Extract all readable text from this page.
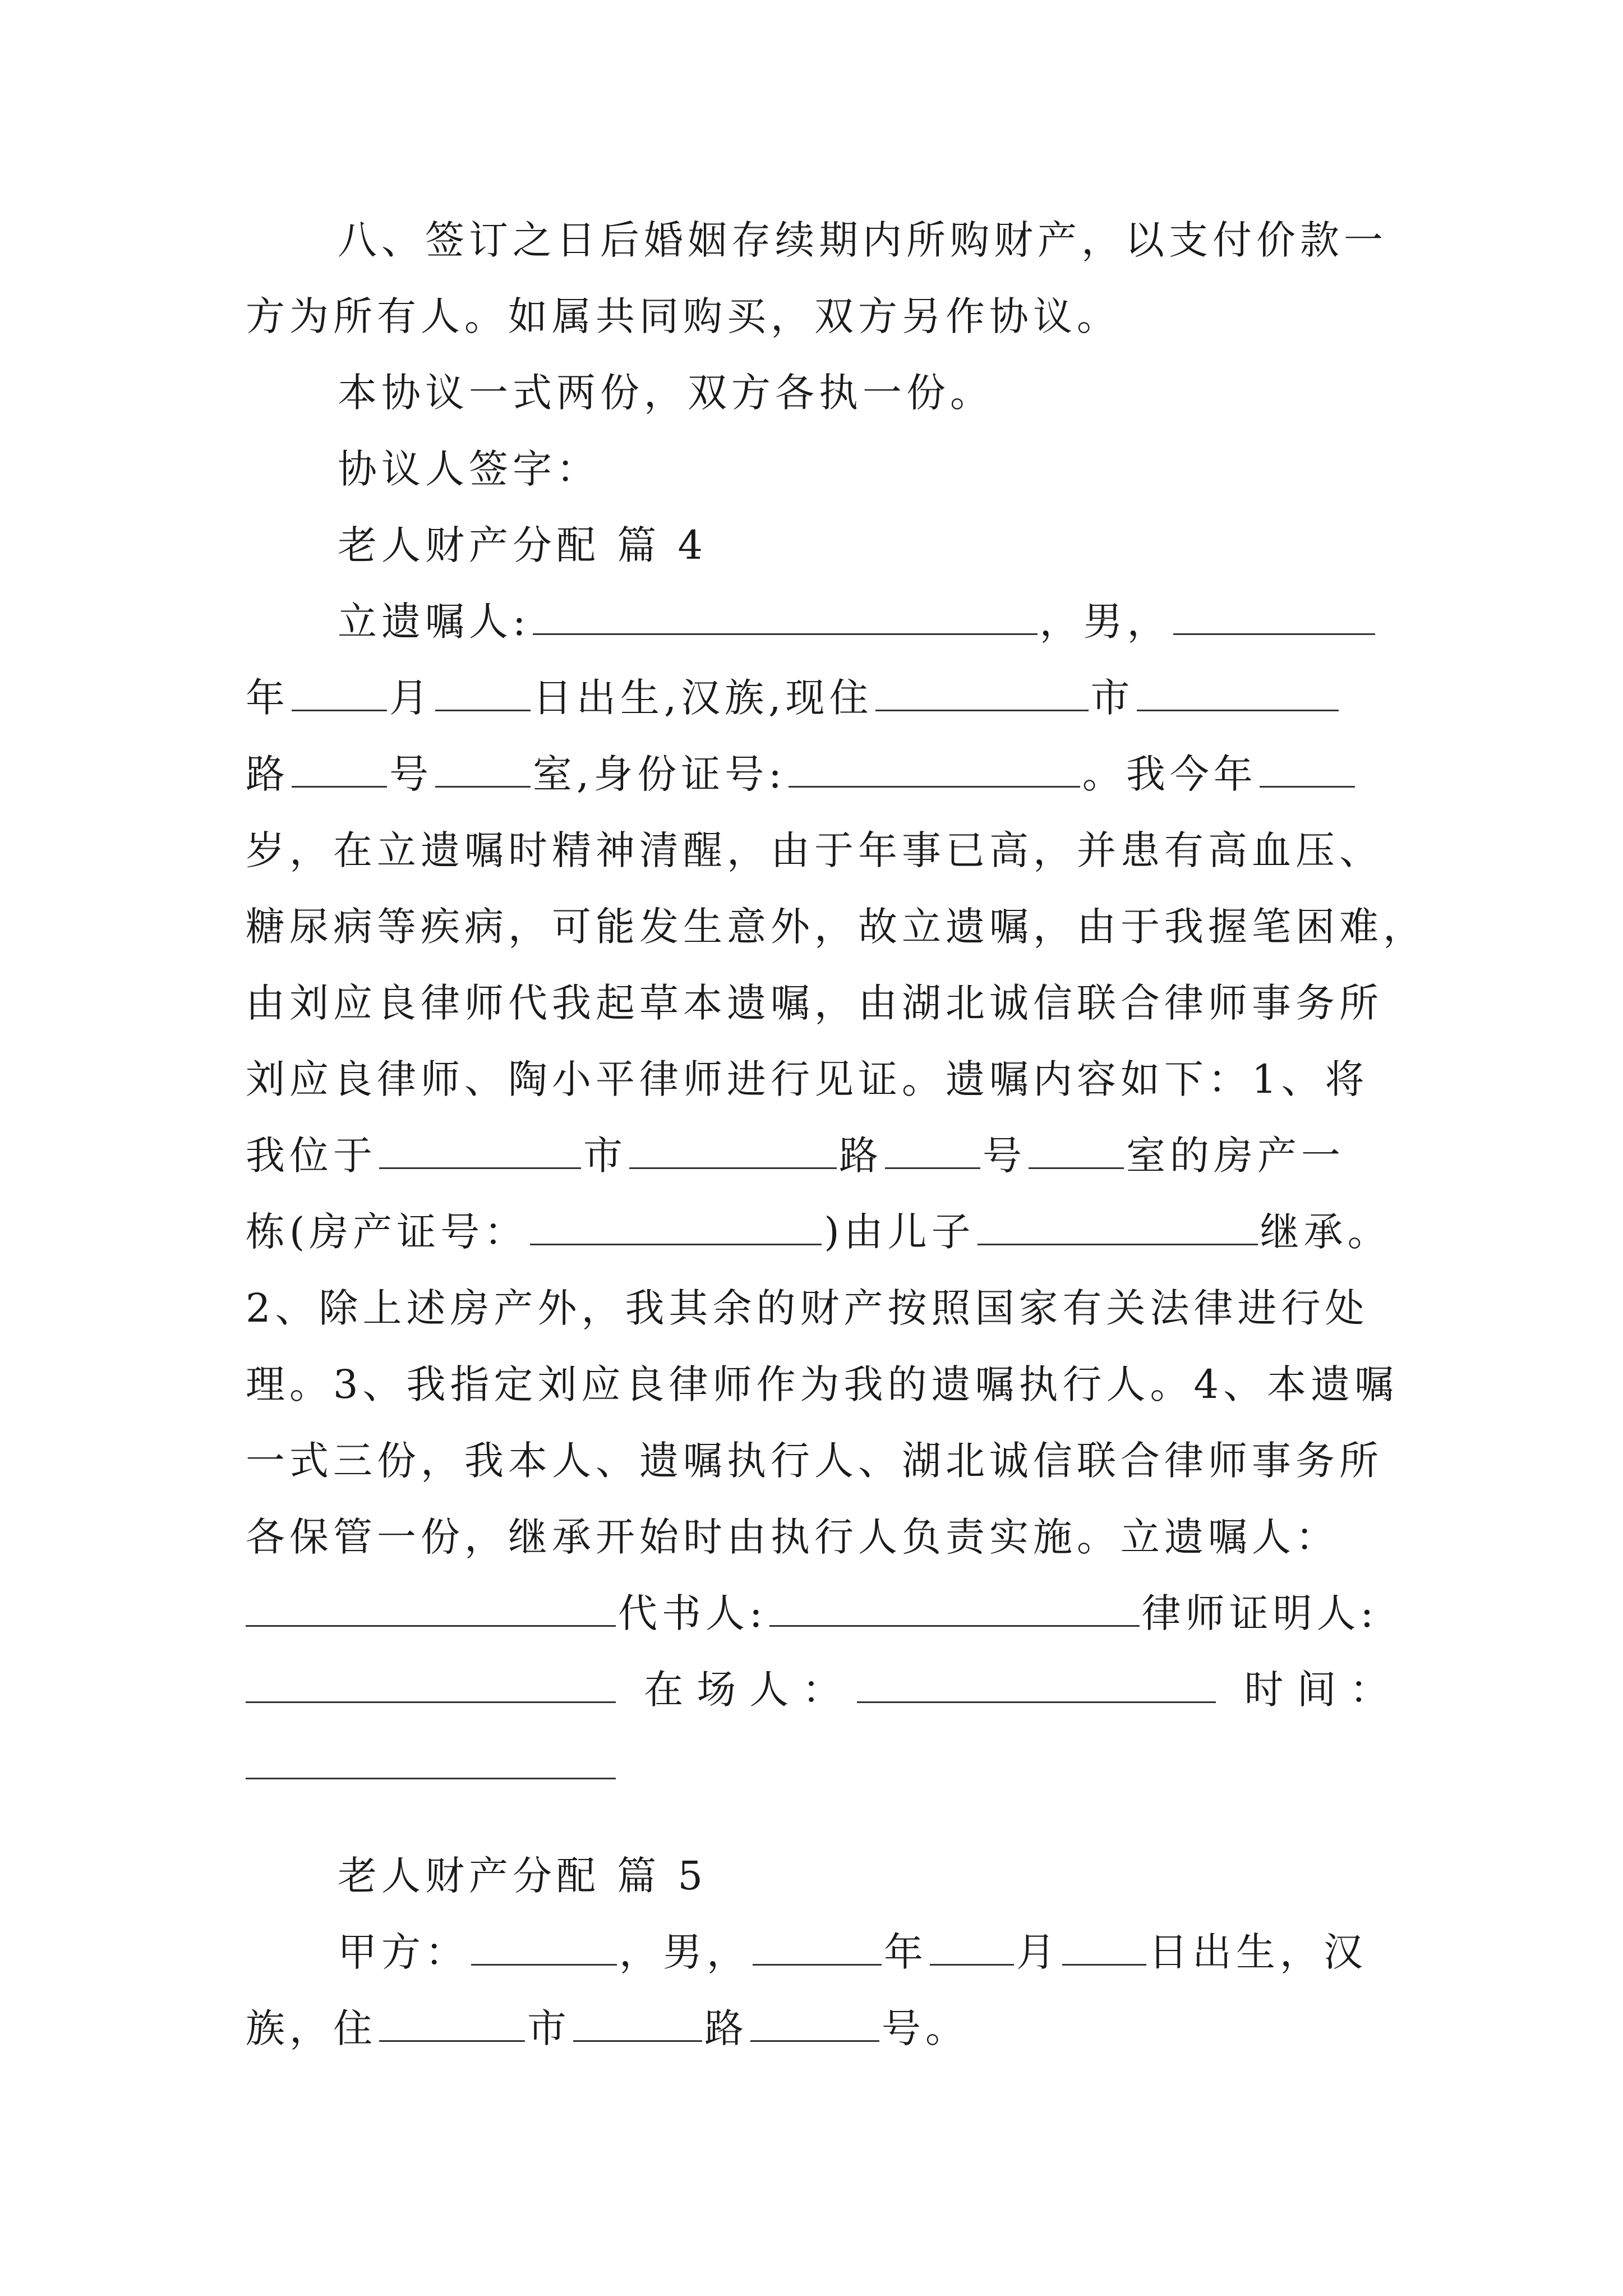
八、签订之日后婚姻存续期内所购财产，以支付价款一
方为所有人。如属共同购买，双方另作协议。
本协议一式两份，双方各执一份。
协议人签字：
老人财产分配 篇 4
立遗嘱人:	，男，
年	月	日出生,汉族,现住	市
路	号	室,身份证号:	。我今年
岁，在立遗嘱时精神清醒，由于年事已高，并患有高血压、
糖尿病等疾病，可能发生意外，故立遗嘱，由于我握笔困难，
由刘应良律师代我起草本遗嘱，由湖北诚信联合律师事务所
刘应良律师、陶小平律师进行见证。遗嘱内容如下：1、将
我位于	市	路	号	室的房产一
栋(房产证号：	)由儿子	继承。
2、除上述房产外，我其余的财产按照国家有关法律进行处
理。3、我指定刘应良律师作为我的遗嘱执行人。4、本遗嘱
一式三份，我本人、遗嘱执行人、湖北诚信联合律师事务所
各保管一份，继承开始时由执行人负责实施。立遗嘱人：
代书人:	律师证明人:
在场人：	时间：
老人财产分配 篇 5
甲方：	，男，	年 月 日出生，汉
族，住	市	路	号。
